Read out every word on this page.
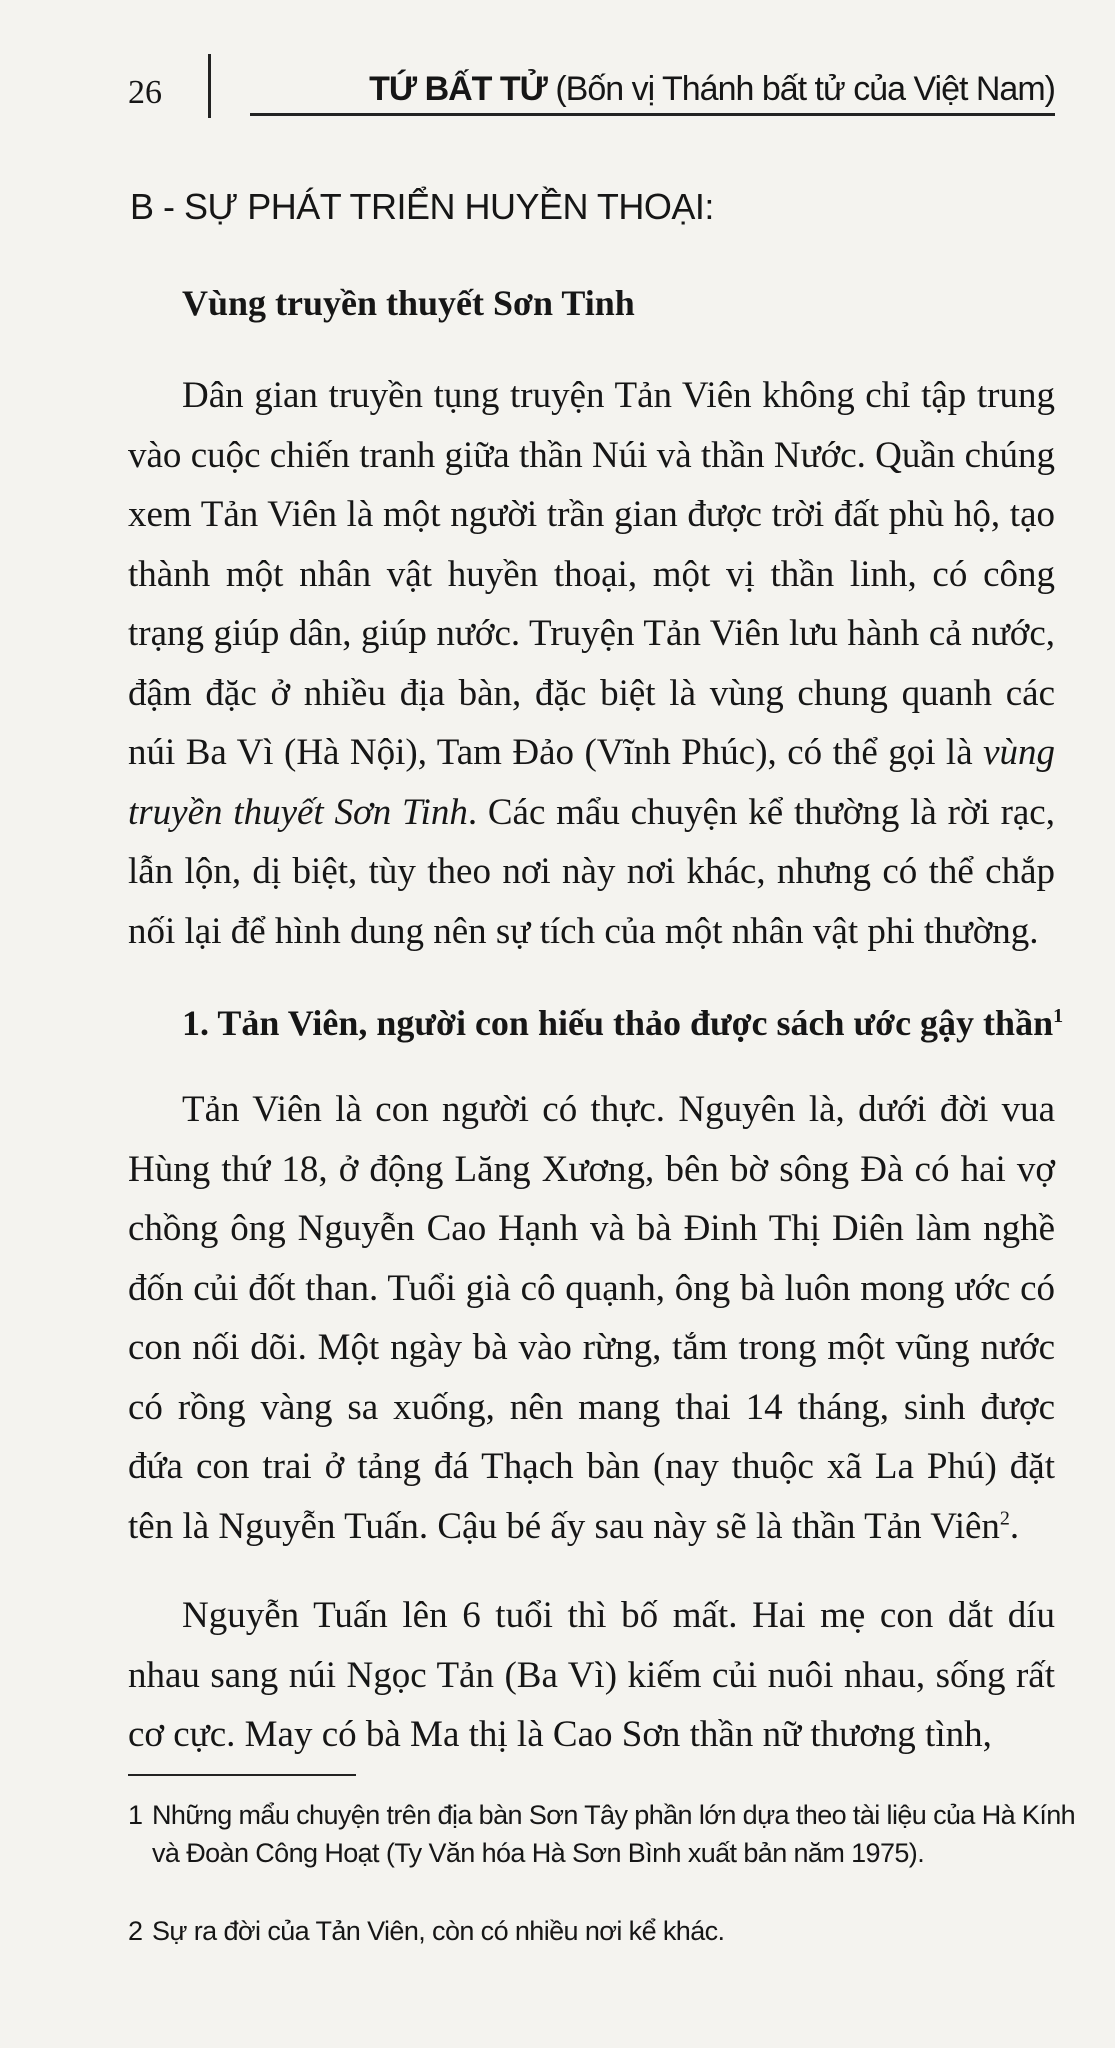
26	TỨ BẤT TỬ (Bốn vị Thánh bất tử của Việt Nam)
B - SỰ PHÁT TRIỂN HUYỀN THOẠI:
Vùng truyền thuyết Sơn Tinh

Dân gian truyền tụng truyện Tản Viên không chỉ tập trung vào cuộc chiến tranh giữa thần Núi và thần Nước. Quần chúng xem Tản Viên là một người trần gian được trời đất phù hộ, tạo thành một nhân vật huyền thoại, một vị thần linh, có công trạng giúp dân, giúp nước. Truyện Tản Viên lưu hành cả nước, đậm đặc ở nhiều địa bàn, đặc biệt là vùng chung quanh các núi Ba Vì (Hà Nội), Tam Đảo (Vĩnh Phúc), có thể gọi là vùng truyền thuyết Sơn Tinh. Các mẩu chuyện kể thường là rời rạc, lẫn lộn, dị biệt, tùy theo nơi này nơi khác, nhưng có thể chắp nối lại để hình dung nên sự tích của một nhân vật phi thường.

1. Tản Viên, người con hiếu thảo được sách ước gậy thần$^1$

Tản Viên là con người có thực. Nguyên là, dưới đời vua Hùng thứ 18, ở động Lăng Xương, bên bờ sông Đà có hai vợ chồng ông Nguyễn Cao Hạnh và bà Đinh Thị Diên làm nghề đốn củi đốt than. Tuổi già cô quạnh, ông bà luôn mong ước có con nối dõi. Một ngày bà vào rừng, tắm trong một vũng nước có rồng vàng sa xuống, nên mang thai 14 tháng, sinh được đứa con trai ở tảng đá Thạch bàn (nay thuộc xã La Phú) đặt tên là Nguyễn Tuấn. Cậu bé ấy sau này sẽ là thần Tản Viên$^2$.

Nguyễn Tuấn lên 6 tuổi thì bố mất. Hai mẹ con dắt díu nhau sang núi Ngọc Tản (Ba Vì) kiếm củi nuôi nhau, sống rất cơ cực. May có bà Ma thị là Cao Sơn thần nữ thương tình,

1 Những mẩu chuyện trên địa bàn Sơn Tây phần lớn dựa theo tài liệu của Hà Kính và Đoàn Công Hoạt (Ty Văn hóa Hà Sơn Bình xuất bản năm 1975).

2 Sự ra đời của Tản Viên, còn có nhiều nơi kể khác.
